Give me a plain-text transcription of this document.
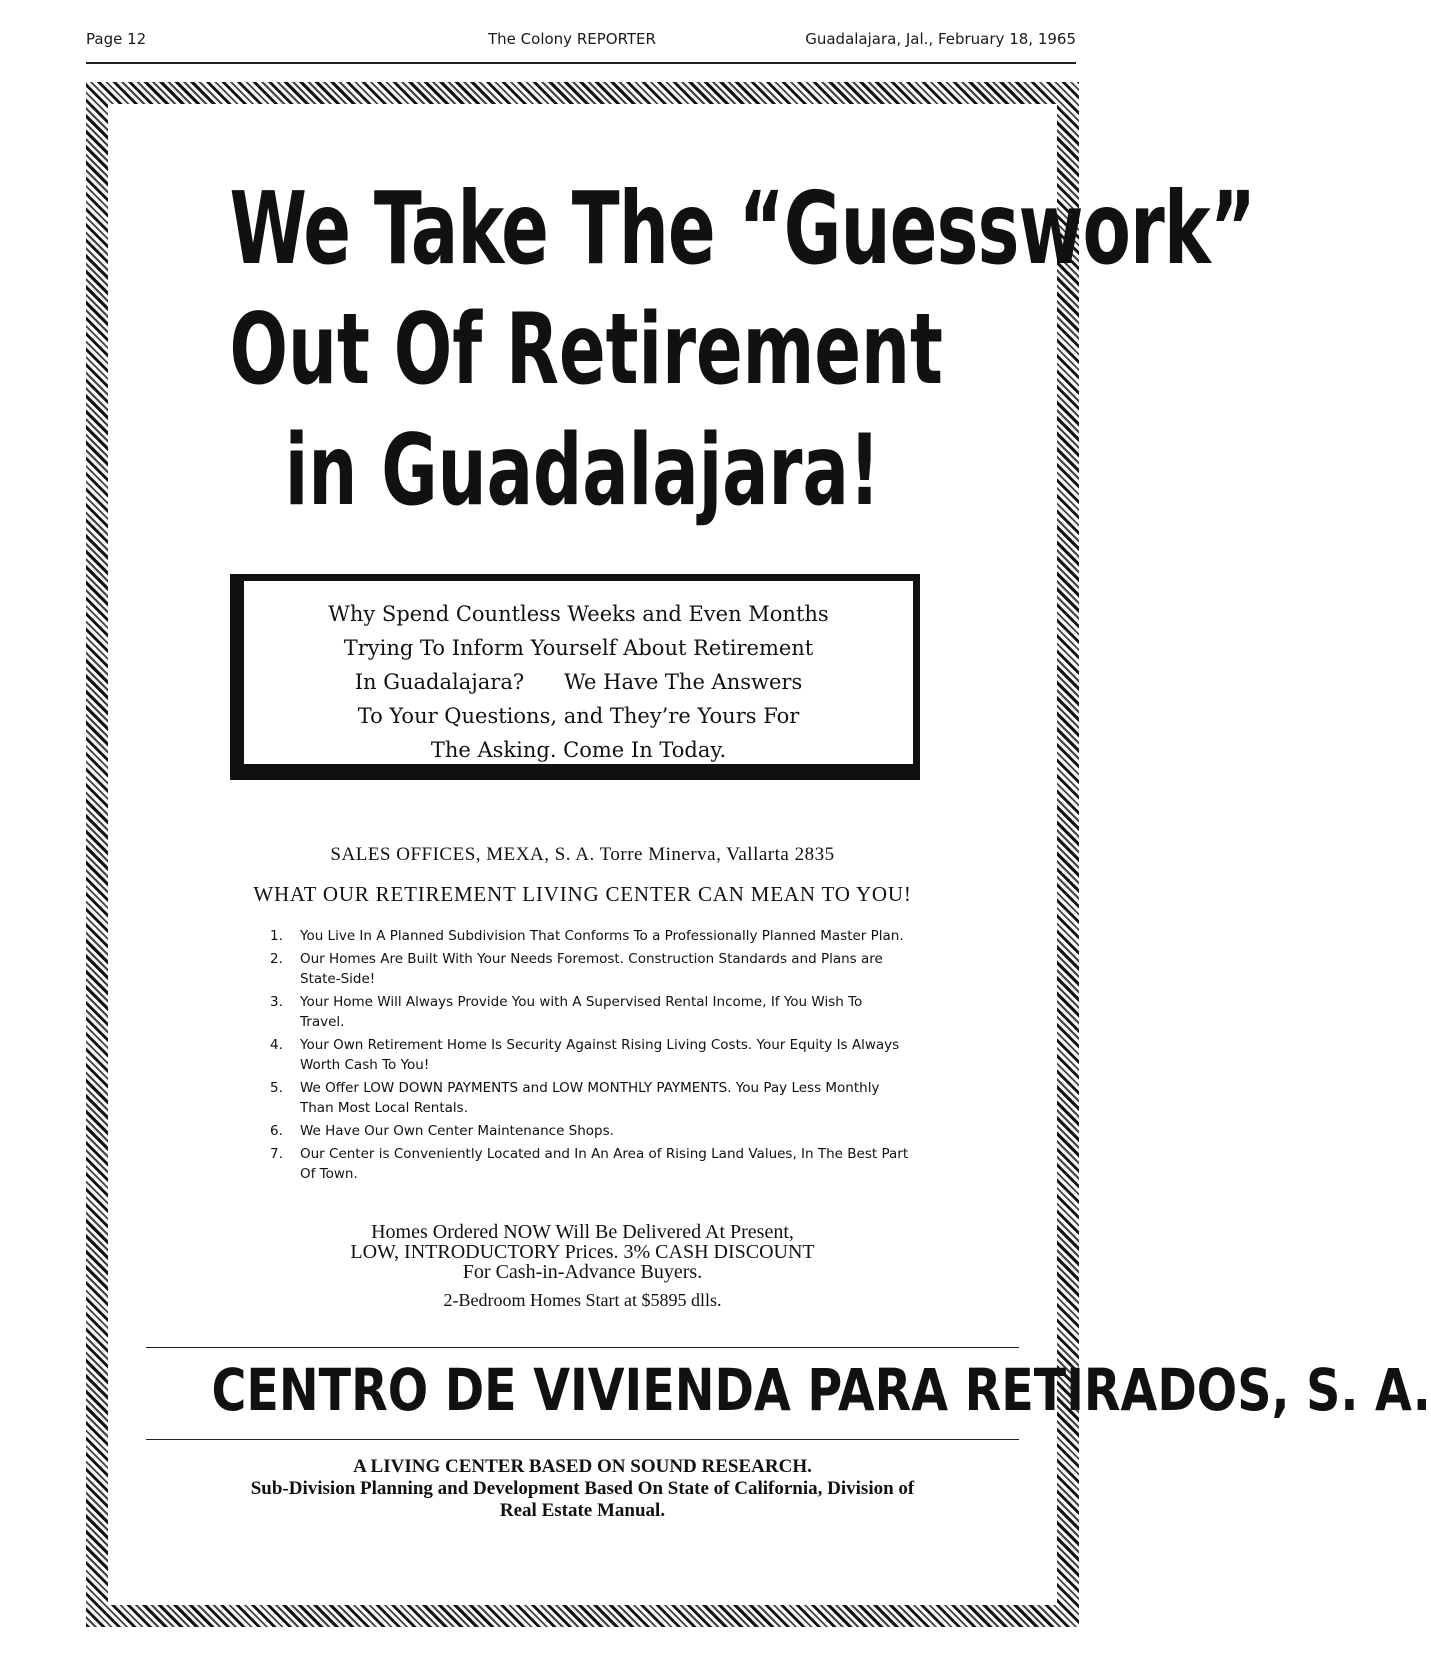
Page 12	The Colony REPORTER	Guadalajara, Jal., February 18, 1965
We Take The “Guesswork”
Out Of Retirement
in Guadalajara!
Why Spend Countless Weeks and Even Months
Trying To Inform Yourself About Retirement
In Guadalajara?      We Have The Answers
To Your Questions, and They’re Yours For
The Asking. Come In Today.
SALES OFFICES, MEXA, S. A. Torre Minerva, Vallarta 2835
WHAT OUR RETIREMENT LIVING CENTER CAN MEAN TO YOU!
1. You Live In A Planned Subdivision That Conforms To a Professionally Planned Master Plan.
2. Our Homes Are Built With Your Needs Foremost. Construction Standards and Plans are State-Side!
3. Your Home Will Always Provide You with A Supervised Rental Income, If You Wish To Travel.
4. Your Own Retirement Home Is Security Against Rising Living Costs. Your Equity Is Always Worth Cash To You!
5. We Offer LOW DOWN PAYMENTS and LOW MONTHLY PAYMENTS. You Pay Less Monthly Than Most Local Rentals.
6. We Have Our Own Center Maintenance Shops.
7. Our Center is Conveniently Located and In An Area of Rising Land Values, In The Best Part Of Town.
Homes Ordered NOW Will Be Delivered At Present,
LOW, INTRODUCTORY Prices. 3% CASH DISCOUNT
For Cash-in-Advance Buyers.
2-Bedroom Homes Start at $5895 dlls.
CENTRO DE VIVIENDA PARA RETIRADOS, S. A.
A LIVING CENTER BASED ON SOUND RESEARCH.
Sub-Division Planning and Development Based On State of California, Division of
Real Estate Manual.
